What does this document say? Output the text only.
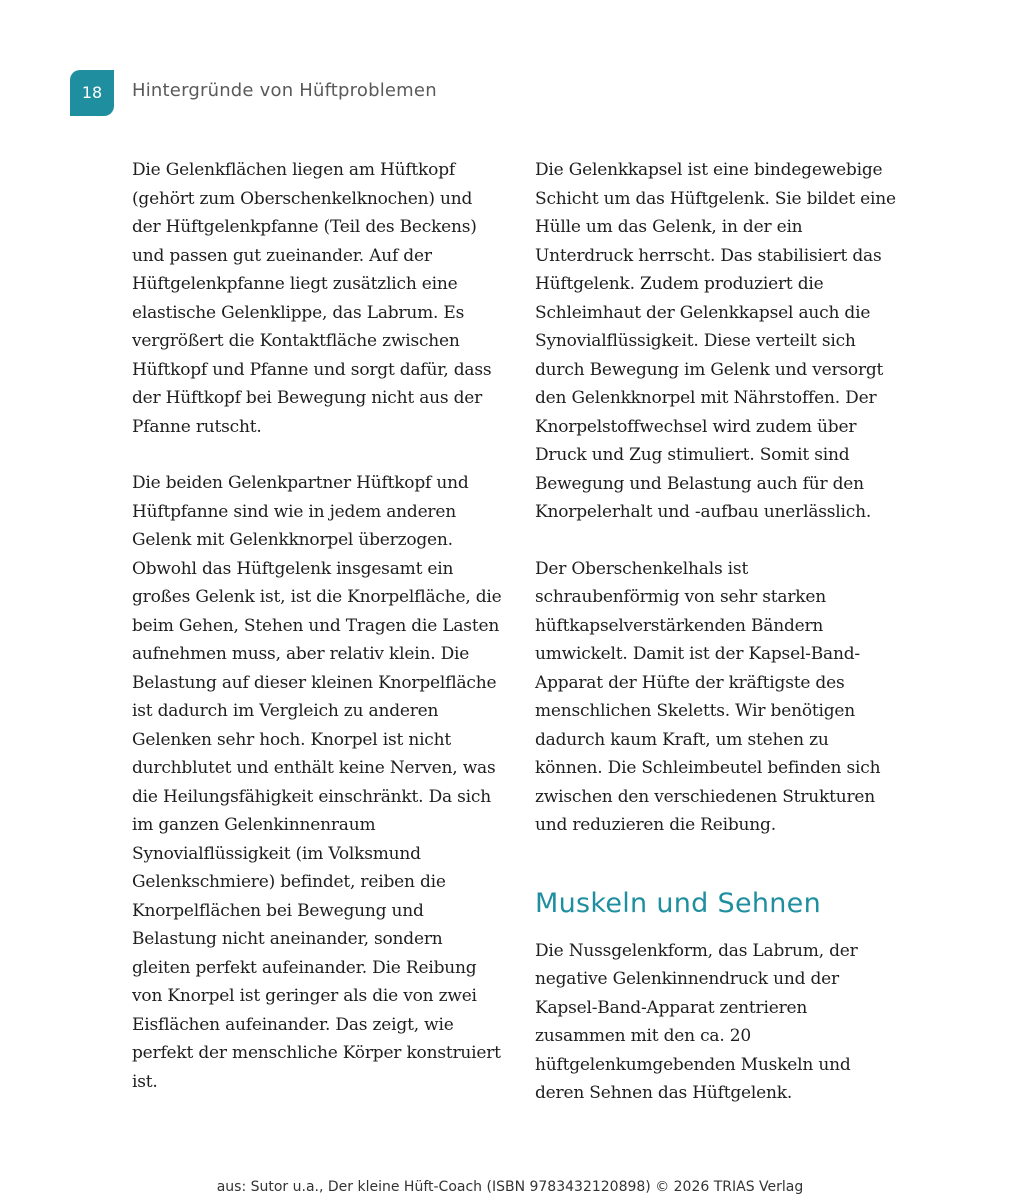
18	Hintergründe von Hüftproblemen

Die Gelenkflächen liegen am Hüftkopf (gehört zum Oberschenkelknochen) und der Hüftgelenkpfanne (Teil des Beckens) und passen gut zueinander. Auf der Hüftgelenkpfanne liegt zusätzlich eine elastische Gelenklippe, das Labrum. Es vergrößert die Kontaktfläche zwischen Hüftkopf und Pfanne und sorgt dafür, dass der Hüftkopf bei Bewegung nicht aus der Pfanne rutscht.

Die beiden Gelenkpartner Hüftkopf und Hüftpfanne sind wie in jedem anderen Gelenk mit Gelenkknorpel überzogen. Obwohl das Hüftgelenk insgesamt ein großes Gelenk ist, ist die Knorpelfläche, die beim Gehen, Stehen und Tragen die Lasten aufnehmen muss, aber relativ klein. Die Belastung auf dieser kleinen Knorpelfläche ist dadurch im Vergleich zu anderen Gelenken sehr hoch. Knorpel ist nicht durchblutet und enthält keine Nerven, was die Heilungsfähigkeit einschränkt. Da sich im ganzen Gelenkinnenraum Synovialflüssigkeit (im Volksmund Gelenkschmiere) befindet, reiben die Knorpelflächen bei Bewegung und Belastung nicht aneinander, sondern gleiten perfekt aufeinander. Die Reibung von Knorpel ist geringer als die von zwei Eisflächen aufeinander. Das zeigt, wie perfekt der menschliche Körper konstruiert ist.

Die Gelenkkapsel ist eine bindegewebige Schicht um das Hüftgelenk. Sie bildet eine Hülle um das Gelenk, in der ein Unterdruck herrscht. Das stabilisiert das Hüftgelenk. Zudem produziert die Schleimhaut der Gelenkkapsel auch die Synovialflüssigkeit. Diese verteilt sich durch Bewegung im Gelenk und versorgt den Gelenkknorpel mit Nährstoffen. Der Knorpelstoffwechsel wird zudem über Druck und Zug stimuliert. Somit sind Bewegung und Belastung auch für den Knorpelerhalt und -aufbau unerlässlich.

Der Oberschenkelhals ist schraubenförmig von sehr starken hüftkapselverstärkenden Bändern umwickelt. Damit ist der Kapsel-Band-Apparat der Hüfte der kräftigste des menschlichen Skeletts. Wir benötigen dadurch kaum Kraft, um stehen zu können. Die Schleimbeutel befinden sich zwischen den verschiedenen Strukturen und reduzieren die Reibung.

Muskeln und Sehnen

Die Nussgelenkform, das Labrum, der negative Gelenkinnendruck und der Kapsel-Band-Apparat zentrieren zusammen mit den ca. 20 hüftgelenkumgebenden Muskeln und deren Sehnen das Hüftgelenk.

aus: Sutor u.a., Der kleine Hüft-Coach (ISBN 9783432120898) © 2026 TRIAS Verlag
